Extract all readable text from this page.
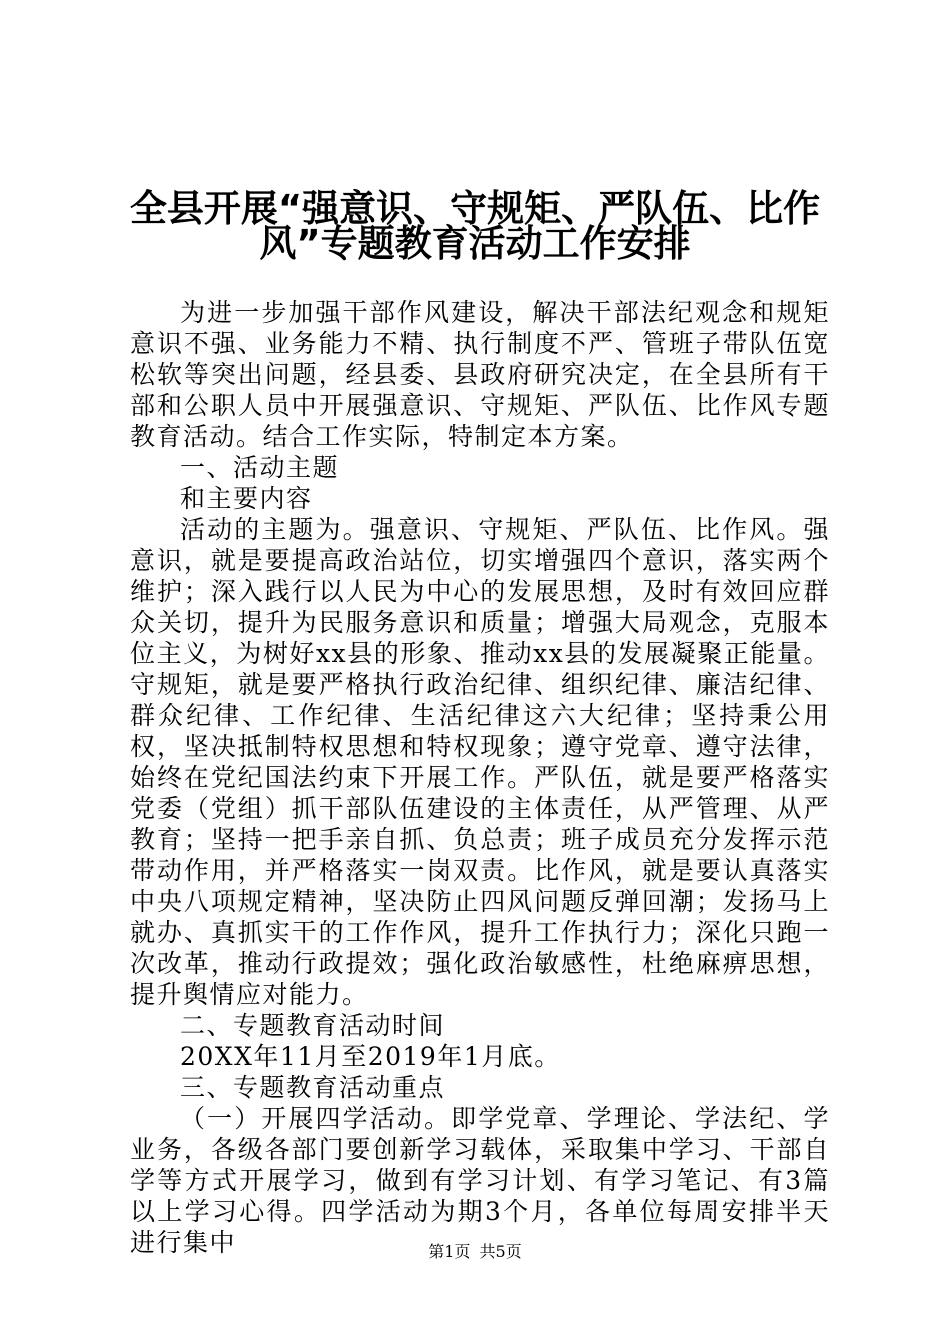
全县开展“强意识、守规矩、严队伍、比作
风”专题教育活动工作安排

为进一步加强干部作风建设，解决干部法纪观念和规矩意识不强、业务能力不精、执行制度不严、管班子带队伍宽松软等突出问题，经县委、县政府研究决定，在全县所有干部和公职人员中开展强意识、守规矩、严队伍、比作风专题教育活动。结合工作实际，特制定本方案。

一、活动主题

和主要内容

活动的主题为。强意识、守规矩、严队伍、比作风。强意识，就是要提高政治站位，切实增强四个意识，落实两个维护；深入践行以人民为中心的发展思想，及时有效回应群众关切，提升为民服务意识和质量；增强大局观念，克服本位主义，为树好xx县的形象、推动xx县的发展凝聚正能量。守规矩，就是要严格执行政治纪律、组织纪律、廉洁纪律、群众纪律、工作纪律、生活纪律这六大纪律；坚持秉公用权，坚决抵制特权思想和特权现象；遵守党章、遵守法律，始终在党纪国法约束下开展工作。严队伍，就是要严格落实党委（党组）抓干部队伍建设的主体责任，从严管理、从严教育；坚持一把手亲自抓、负总责；班子成员充分发挥示范带动作用，并严格落实一岗双责。比作风，就是要认真落实中央八项规定精神，坚决防止四风问题反弹回潮；发扬马上就办、真抓实干的工作作风，提升工作执行力；深化只跑一次改革，推动行政提效；强化政治敏感性，杜绝麻痹思想，提升舆情应对能力。

二、专题教育活动时间

20XX年11月至2019年1月底。

三、专题教育活动重点

（一）开展四学活动。即学党章、学理论、学法纪、学业务，各级各部门要创新学习载体，采取集中学习、干部自学等方式开展学习，做到有学习计划、有学习笔记、有3篇以上学习心得。四学活动为期3个月，各单位每周安排半天进行集中	第1页 共5页
